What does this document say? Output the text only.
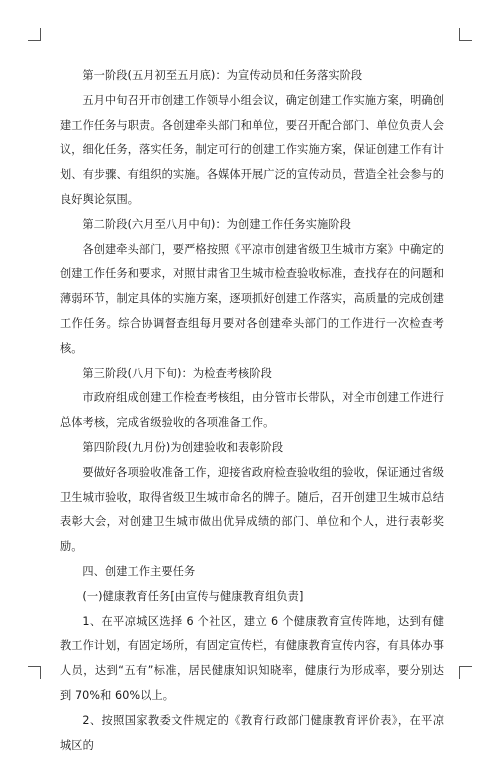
第一阶段(五月初至五月底)：为宣传动员和任务落实阶段

五月中旬召开市创建工作领导小组会议，确定创建工作实施方案，明确创建工作任务与职责。各创建牵头部门和单位，要召开配合部门、单位负责人会议，细化任务，落实任务，制定可行的创建工作实施方案，保证创建工作有计划、有步骤、有组织的实施。各媒体开展广泛的宣传动员，营造全社会参与的良好舆论氛围。

第二阶段(六月至八月中旬)：为创建工作任务实施阶段

各创建牵头部门，要严格按照《平凉市创建省级卫生城市方案》中确定的创建工作任务和要求，对照甘肃省卫生城市检查验收标准，查找存在的问题和薄弱环节，制定具体的实施方案，逐项抓好创建工作落实，高质量的完成创建工作任务。综合协调督查组每月要对各创建牵头部门的工作进行一次检查考核。

第三阶段(八月下旬)：为检查考核阶段

市政府组成创建工作检查考核组，由分管市长带队，对全市创建工作进行总体考核，完成省级验收的各项准备工作。

第四阶段(九月份)为创建验收和表彰阶段

要做好各项验收准备工作，迎接省政府检查验收组的验收，保证通过省级卫生城市验收，取得省级卫生城市命名的牌子。随后，召开创建卫生城市总结表彰大会，对创建卫生城市做出优异成绩的部门、单位和个人，进行表彰奖励。

四、创建工作主要任务

(一)健康教育任务[由宣传与健康教育组负责]

1、在平凉城区选择 6 个社区，建立 6 个健康教育宣传阵地，达到有健教工作计划，有固定场所，有固定宣传栏，有健康教育宣传内容，有具体办事人员，达到“五有”标准，居民健康知识知晓率，健康行为形成率，要分别达到 70%和 60%以上。

2、按照国家教委文件规定的《教育行政部门健康教育评价表》，在平凉城区的
